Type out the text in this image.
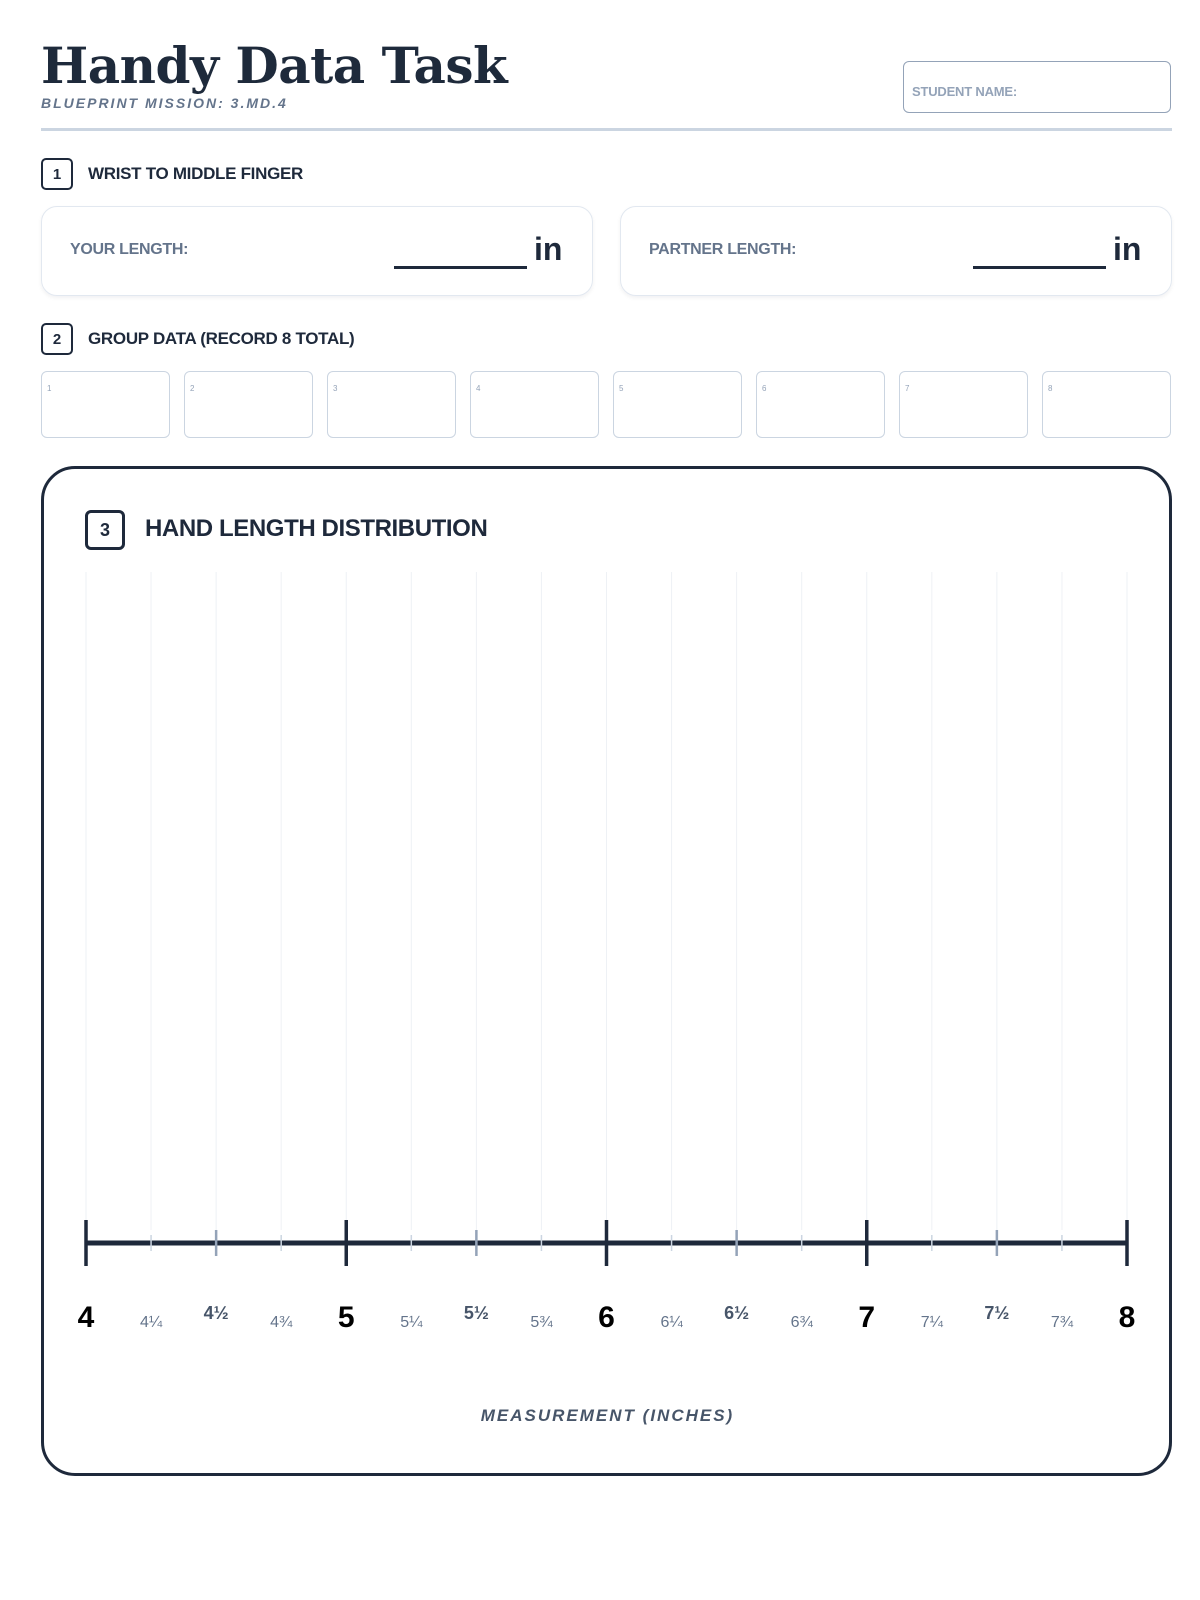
Handy Data Task
BLUEPRINT MISSION: 3.MD.4
STUDENT NAME:
1	WRIST TO MIDDLE FINGER
YOUR LENGTH:	in	PARTNER LENGTH:	in
2	GROUP DATA (RECORD 8 TOTAL)
1	2	3	4	5	6	7	8
3	HAND LENGTH DISTRIBUTION
4	4¼ 4½	4¾ 5	5¼ 5½	5¾ 6	6¼ 6½	6¾ 7	7¼ 7½	7¾ 8
MEASUREMENT (INCHES)
